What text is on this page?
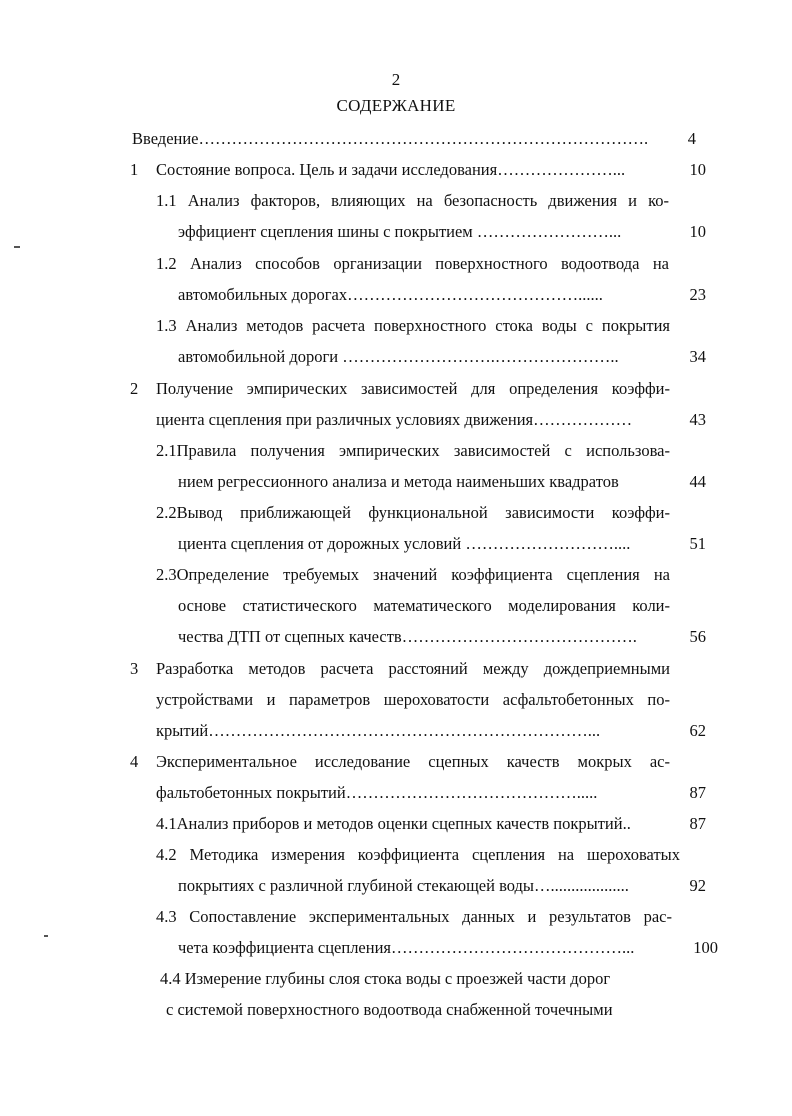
2
СОДЕРЖАНИЕ
Введение……………………………………………………………………….	4
1 Состояние вопроса. Цель и задачи исследования…………………...	10
1.1 Анализ факторов, влияющих на безопасность движения и ко-
эффициент сцепления шины с покрытием ……………………...	10
1.2 Анализ способов организации поверхностного водоотвода на
автомобильных дорогах……………………………………......	23
1.3 Анализ методов расчета поверхностного стока воды с покрытия
автомобильной дороги ……………………….…………………..	34
2 Получение эмпирических зависимостей для определения коэффи-
циента сцепления при различных условиях движения………………	43
2.1Правила получения эмпирических зависимостей с использова-
нием регрессионного анализа и метода наименьших квадратов	44
2.2Вывод приближающей функциональной зависимости коэффи-
циента сцепления от дорожных условий ………………………....	51
2.3Определение требуемых значений коэффициента сцепления на
основе статистического математического моделирования коли-
чества ДТП от сцепных качеств…………………………………….	56
3 Разработка методов расчета расстояний между дождеприемными
устройствами и параметров шероховатости асфальтобетонных по-
крытий……………………………………………………………...	62
4 Экспериментальное исследование сцепных качеств мокрых ас-
фальтобетонных покрытий…………………………………….....	87
4.1Анализ приборов и методов оценки сцепных качеств покрытий..	87
4.2 Методика измерения коэффициента сцепления на шероховатых
покрытиях с различной глубиной стекающей воды…...................	92
4.3 Сопоставление экспериментальных данных и результатов рас-
чета коэффициента сцепления……………………………………...	100
4.4 Измерение глубины слоя стока воды с проезжей части дорог
с системой поверхностного водоотвода снабженной точечными
